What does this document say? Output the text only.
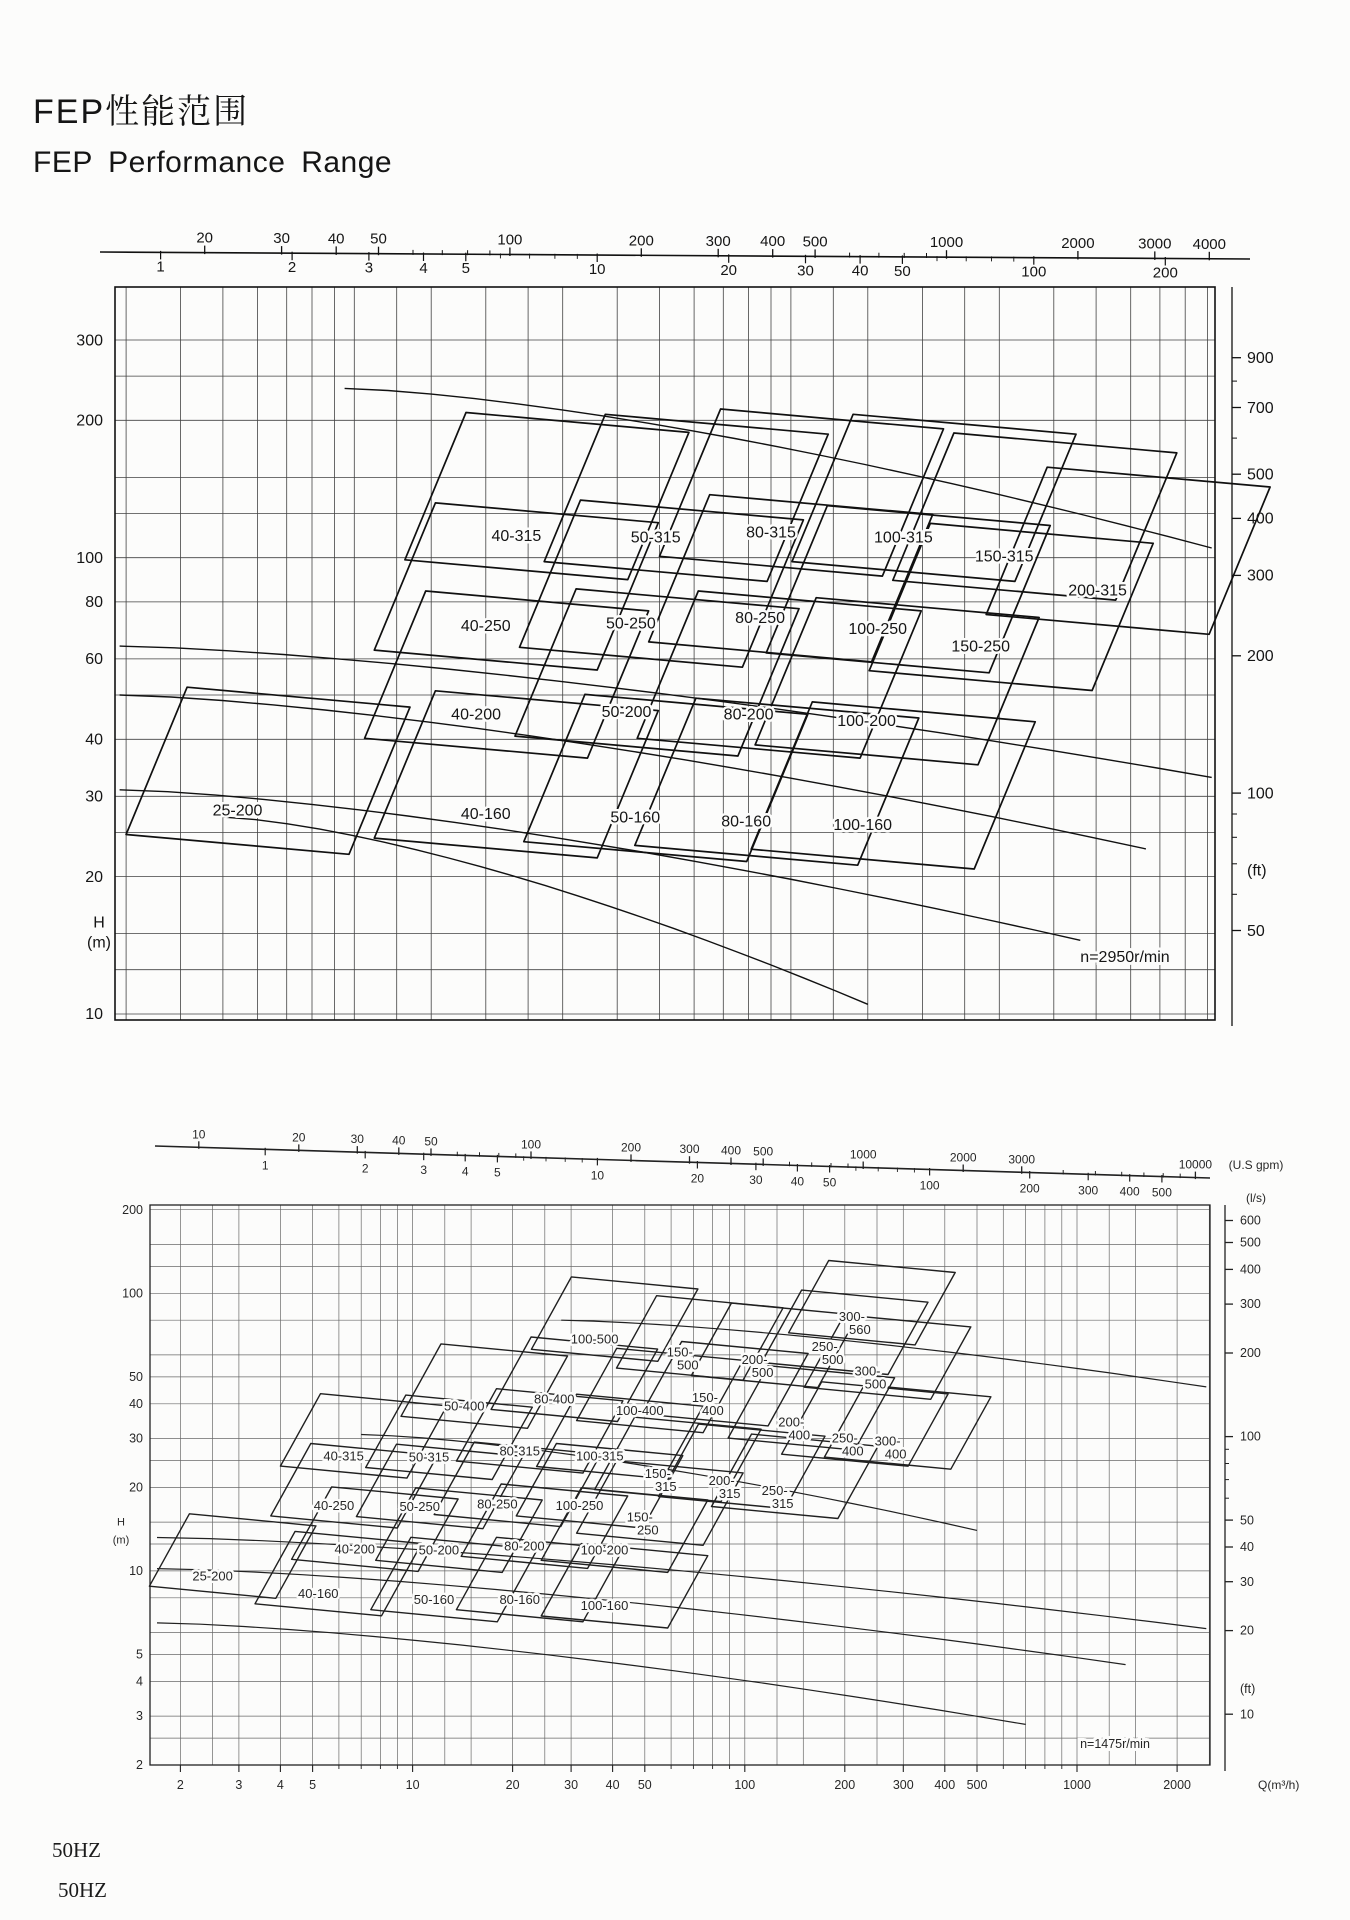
FEP性能范围
FEP Performance Range
40-315	50-315	80-315	100-315
150-315
200-315
40-250	50-250	80-250
100-250
150-250
40-200	50-200	80-200	100-200
25-200	40-160	50-160	80-160	100-160
300
200
100
80
60
40
30
20
10
H
(m)
900
700
500
400
300
200
100
50
(ft)
20	30	40 50	100	200	300 400 500	1000	2000	3000 4000
1	2	3	4 5	10	20	30	40 50	100	200
n=2950r/min
25-200
40-160	50-160	80-160	100-160
40-200	50-200	80-200	100-200
40-250	50-250	80-250	100-250
150-250
40-315	50-315	80-315	100-315
150-315 200-315 250-315
50-400	80-400
100-400
150-400
200-400 250-400
300-400
100-500
150-500	200-500
250-500
300-500
300-560
200
100
50
40
30
20
10
5
4
3
2
H
(m)
600
500
400
300
200
100
50
40
30
20
10
(ft)
10	20	30 40 50	100	200	300 400 500	1000	2000	3000	10000
1	2	3	4 5	10	20	30 40 50	100	200	300 400 500
(U.S gpm)
(l/s)
2	3	4 5	10	20	30 40 50	100	200	300 400 500	1000	2000	Q(m³/h)
n=1475r/min
50HZ
50HZ
